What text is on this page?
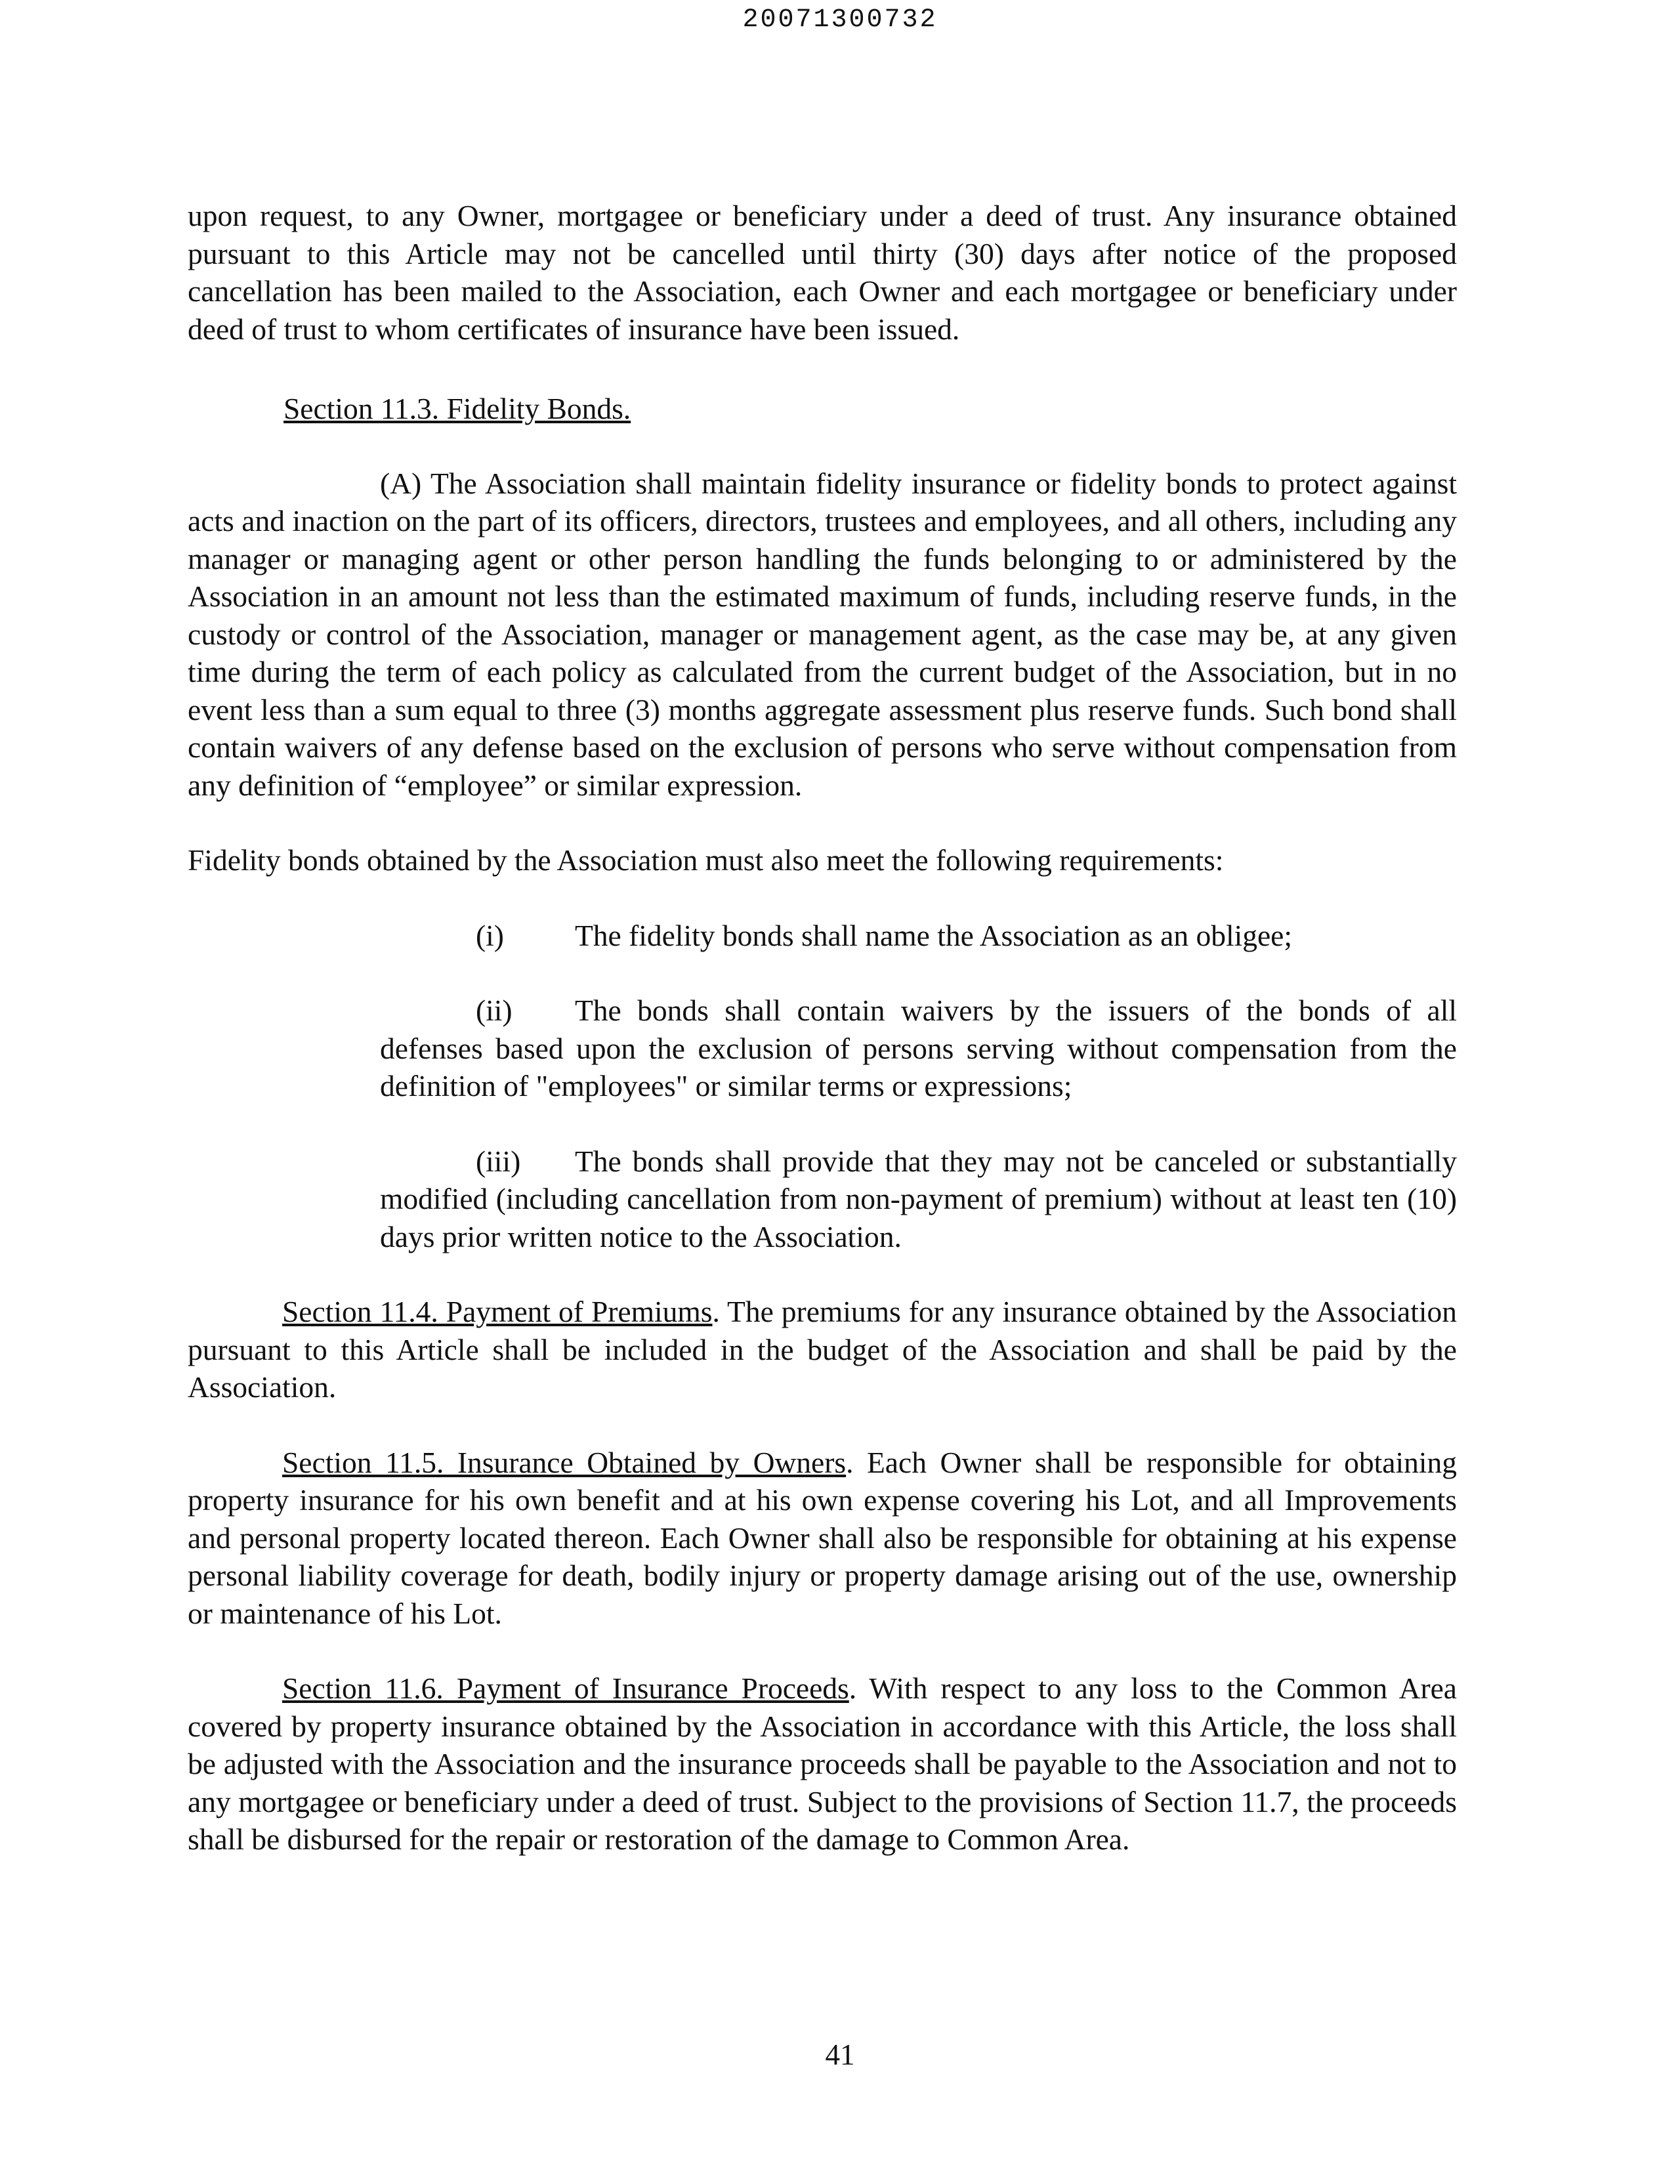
20071300732

upon request, to any Owner, mortgagee or beneficiary under a deed of trust. Any insurance obtained pursuant to this Article may not be cancelled until thirty (30) days after notice of the proposed cancellation has been mailed to the Association, each Owner and each mortgagee or beneficiary under deed of trust to whom certificates of insurance have been issued.

Section 11.3. Fidelity Bonds.

(A) The Association shall maintain fidelity insurance or fidelity bonds to protect against acts and inaction on the part of its officers, directors, trustees and employees, and all others, including any manager or managing agent or other person handling the funds belonging to or administered by the Association in an amount not less than the estimated maximum of funds, including reserve funds, in the custody or control of the Association, manager or management agent, as the case may be, at any given time during the term of each policy as calculated from the current budget of the Association, but in no event less than a sum equal to three (3) months aggregate assessment plus reserve funds. Such bond shall contain waivers of any defense based on the exclusion of persons who serve without compensation from any definition of “employee” or similar expression.

Fidelity bonds obtained by the Association must also meet the following requirements:

(i) The fidelity bonds shall name the Association as an obligee;

(ii) The bonds shall contain waivers by the issuers of the bonds of all defenses based upon the exclusion of persons serving without compensation from the definition of "employees" or similar terms or expressions;

(iii) The bonds shall provide that they may not be canceled or substantially modified (including cancellation from non-payment of premium) without at least ten (10) days prior written notice to the Association.

Section 11.4. Payment of Premiums. The premiums for any insurance obtained by the Association pursuant to this Article shall be included in the budget of the Association and shall be paid by the Association.

Section 11.5. Insurance Obtained by Owners. Each Owner shall be responsible for obtaining property insurance for his own benefit and at his own expense covering his Lot, and all Improvements and personal property located thereon. Each Owner shall also be responsible for obtaining at his expense personal liability coverage for death, bodily injury or property damage arising out of the use, ownership or maintenance of his Lot.

Section 11.6. Payment of Insurance Proceeds. With respect to any loss to the Common Area covered by property insurance obtained by the Association in accordance with this Article, the loss shall be adjusted with the Association and the insurance proceeds shall be payable to the Association and not to any mortgagee or beneficiary under a deed of trust. Subject to the provisions of Section 11.7, the proceeds shall be disbursed for the repair or restoration of the damage to Common Area.

41
